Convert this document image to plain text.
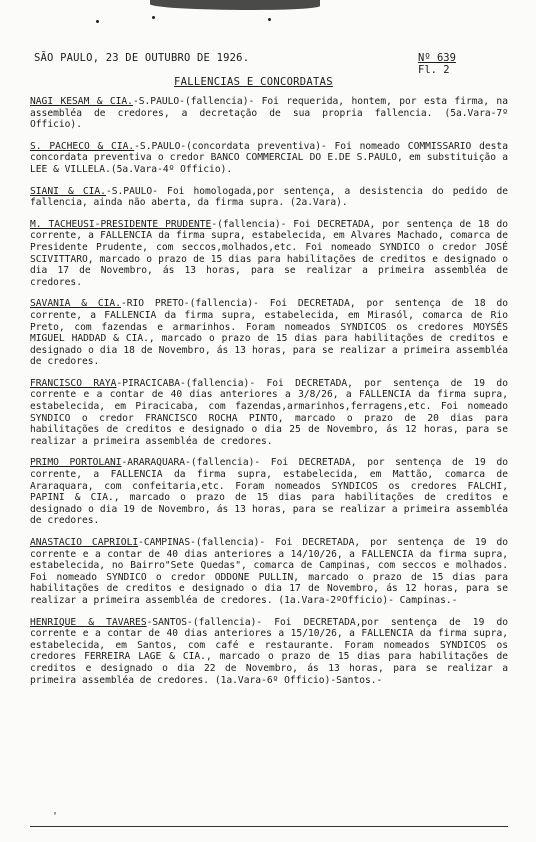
SÃO PAULO, 23 DE OUTUBRO DE 1926.	Nº 639
Fl. 2
FALLENCIAS E CONCORDATAS

NAGI KESAM & CIA.-S.PAULO-(fallencia)- Foi requerida, hontem, por esta firma, na assembléa de credores, a decretação de sua propria fallencia. (5a.Vara-7º Officio).

S. PACHECO & CIA.-S.PAULO-(concordata preventiva)- Foi nomeado COMMISSARIO desta concordata preventiva o credor BANCO COMMERCIAL DO E.DE S.PAULO, em substituição a LEE & VILLELA.(5a.Vara-4º Officio).

SIANI & CIA.-S.PAULO- Foi homologada,por sentença, a desistencia do pedido de fallencia, ainda não aberta, da firma supra. (2a.Vara).

M. TACHEUSI-PRESIDENTE PRUDENTE-(fallencia)- Foi DECRETADA, por sentença de 18 do corrente, a FALLENCIA da firma supra, estabelecida, em Alvares Machado, comarca de Presidente Prudente, com seccos,molhados,etc. Foi nomeado SYNDICO o credor JOSÉ SCIVITTARO, marcado o prazo de 15 dias para habilitações de creditos e designado o dia 17 de Novembro, ás 13 horas, para se realizar a primeira assembléa de credores.

SAVANIA & CIA.-RIO PRETO-(fallencia)- Foi DECRETADA, por sentença de 18 do corrente, a FALLENCIA da firma supra, estabelecida, em Mirasól, comarca de Rio Preto, com fazendas e armarinhos. Foram nomeados SYNDICOS os credores MOYSÉS MIGUEL HADDAD & CIA., marcado o prazo de 15 dias para habilitações de creditos e designado o dia 18 de Novembro, ás 13 horas, para se realizar a primeira assembléa de credores.

FRANCISCO RAYA-PIRACICABA-(fallencia)- Foi DECRETADA, por sentença de 19 do corrente e a contar de 40 dias anteriores a 3/8/26, a FALLENCIA da firma supra, estabelecida, em Piracicaba, com fazendas,armarinhos,ferragens,etc. Foi nomeado SYNDICO o credor FRANCISCO ROCHA PINTO, marcado o prazo de 20 dias para habilitações de creditos e designado o dia 25 de Novembro, ás 12 horas, para se realizar a primeira assembléa de credores.

PRIMO PORTOLANI-ARARAQUARA-(fallencia)- Foi DECRETADA, por sentença de 19 do corrente, a FALLENCIA da firma supra, estabelecida, em Mattão, comarca de Araraquara, com confeitaria,etc. Foram nomeados SYNDICOS os credores FALCHI, PAPINI & CIA., marcado o prazo de 15 dias para habilitações de creditos e designado o dia 19 de Novembro, ás 13 horas, para se realizar a primeira assembléa de credores.

ANASTACIO CAPRIOLI-CAMPINAS-(fallencia)- Foi DECRETADA, por sentença de 19 do corrente e a contar de 40 dias anteriores a 14/10/26, a FALLENCIA da firma supra, estabelecida, no Bairro"Sete Quedas", comarca de Campinas, com seccos e molhados. Foi nomeado SYNDICO o credor ODDONE PULLIN, marcado o prazo de 15 dias para habilitações de creditos e designado o dia 17 de Novembro, ás 12 horas, para se realizar a primeira assembléa de credores. (1a.Vara-2ºOfficio)- Campinas.-

HENRIQUE & TAVARES-SANTOS-(fallencia)- Foi DECRETADA,por sentença de 19 do corrente e a contar de 40 dias anteriores a 15/10/26, a FALLENCIA da firma supra, estabelecida, em Santos, com café e restaurante. Foram nomeados SYNDICOS os credores FERREIRA LAGE & CIA., marcado o prazo de 15 dias para habilitações de creditos e designado o dia 22 de Novembro, ás 13 horas, para se realizar a primeira assembléa de credores. (1a.Vara-6º Officio)-Santos.-

'
